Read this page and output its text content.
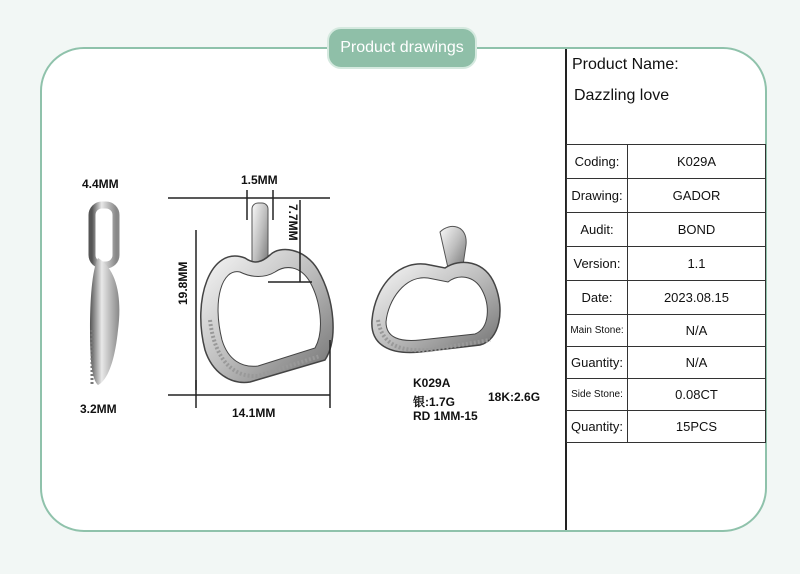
Product drawings
Product Name:
Dazzling love
Coding:	K029A
Drawing:	GADOR
Audit:	BOND
Version:	1.1
Date:	2023.08.15
Main Stone:	N/A
Guantity:	N/A
Side Stone:	0.08CT
Quantity:	15PCS
4.4MM
3.2MM
1.5MM
7.7MM
19.8MM
14.1MM
K029A
银:1.7G	18K:2.6G
RD 1MM-15
